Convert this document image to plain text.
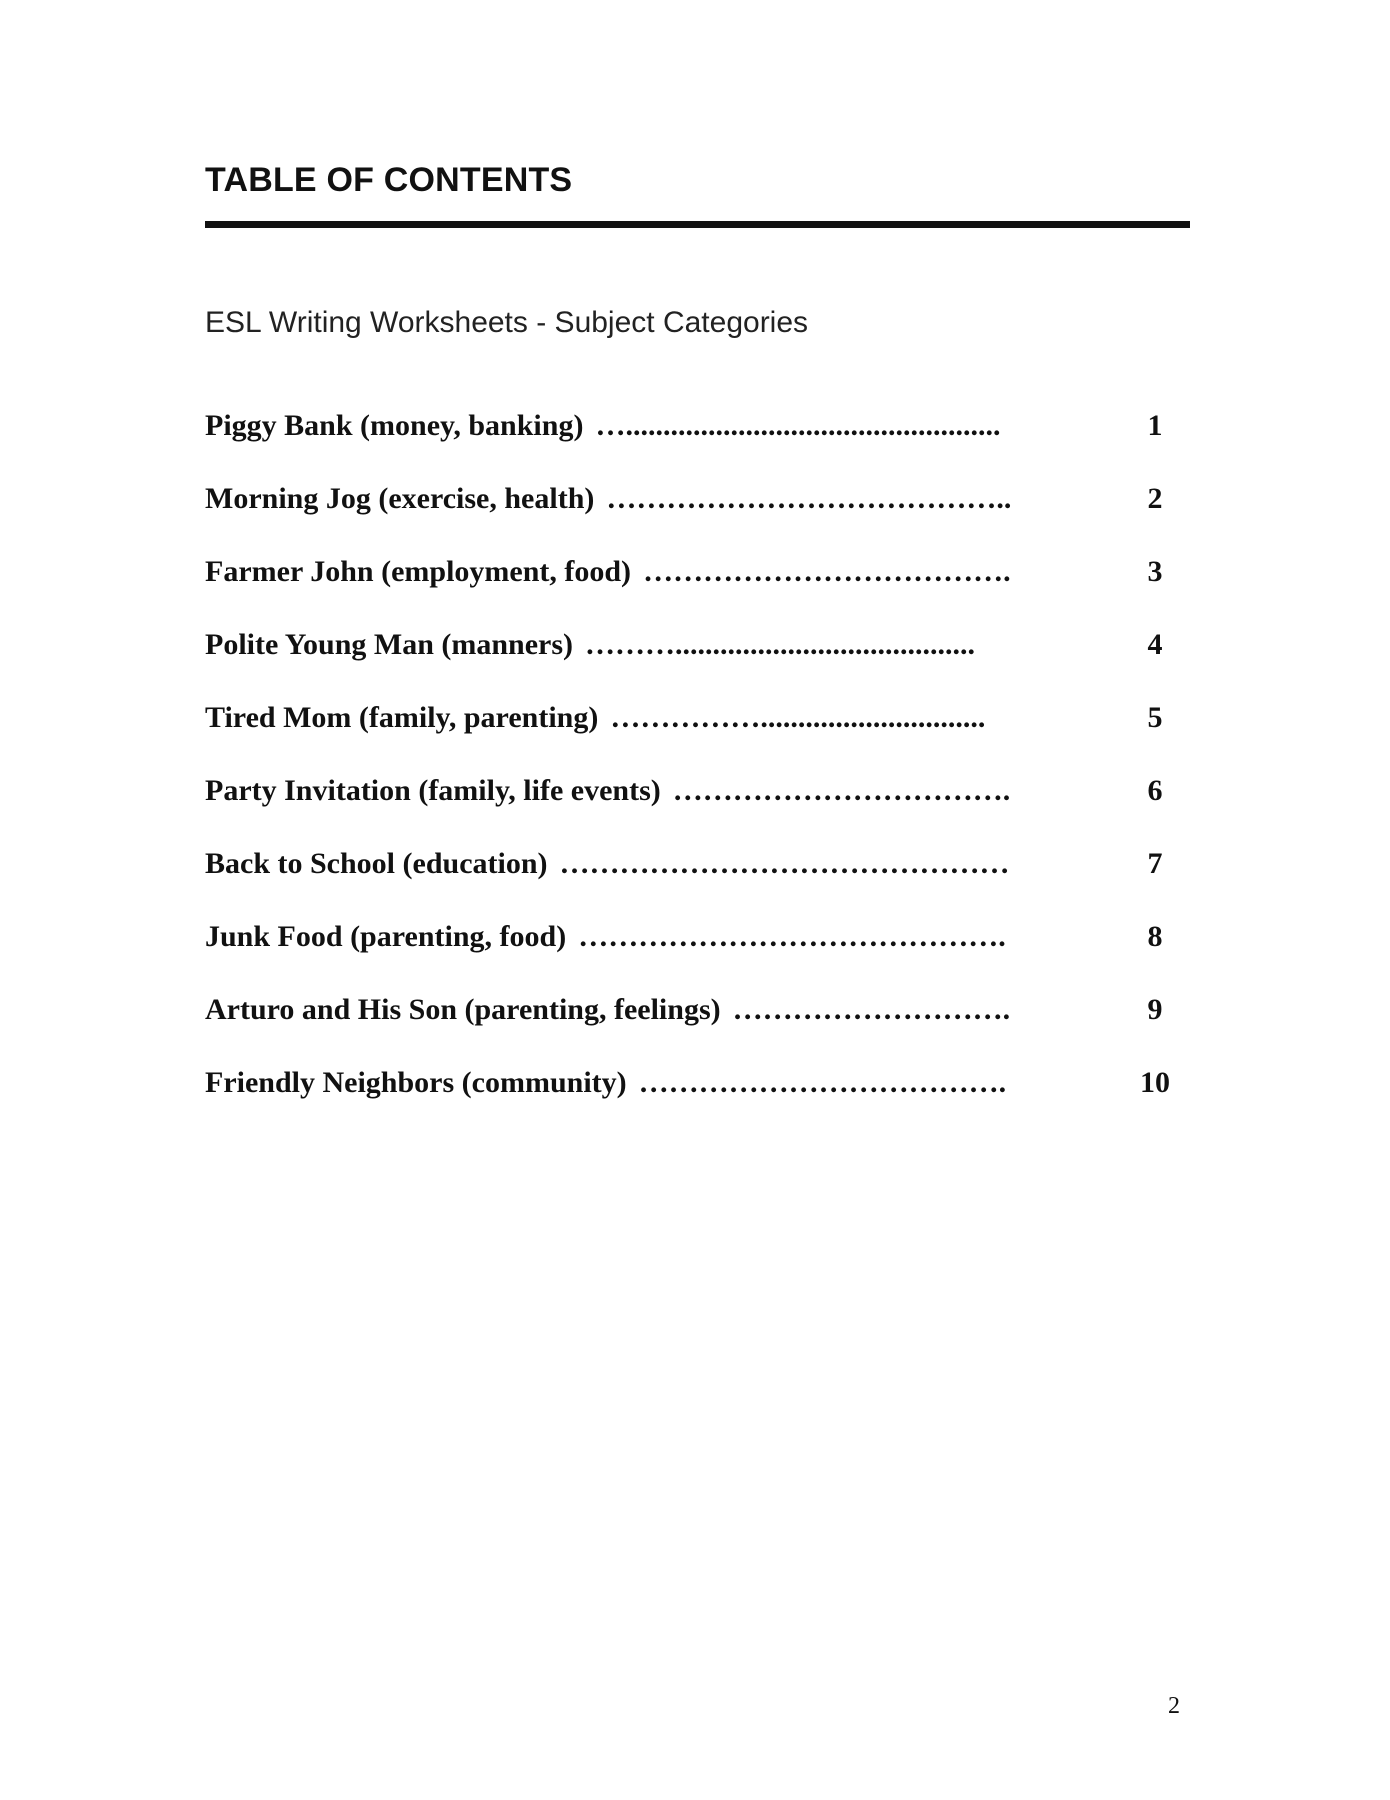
TABLE OF CONTENTS
ESL Writing Worksheets - Subject Categories
Piggy Bank (money, banking) …..................................................	1
Morning Jog (exercise, health) …………………………………..	2
Farmer John (employment, food) ……………………………….	3
Polite Young Man (manners) ………........................................	4
Tired Mom (family, parenting) ……………..............................	5
Party Invitation (family, life events) …………………………….	6
Back to School (education) ………………………………………	7
Junk Food (parenting, food) …………………………………….	8
Arturo and His Son (parenting, feelings) ……………………….	9
Friendly Neighbors (community) ……………………………….	10
2
